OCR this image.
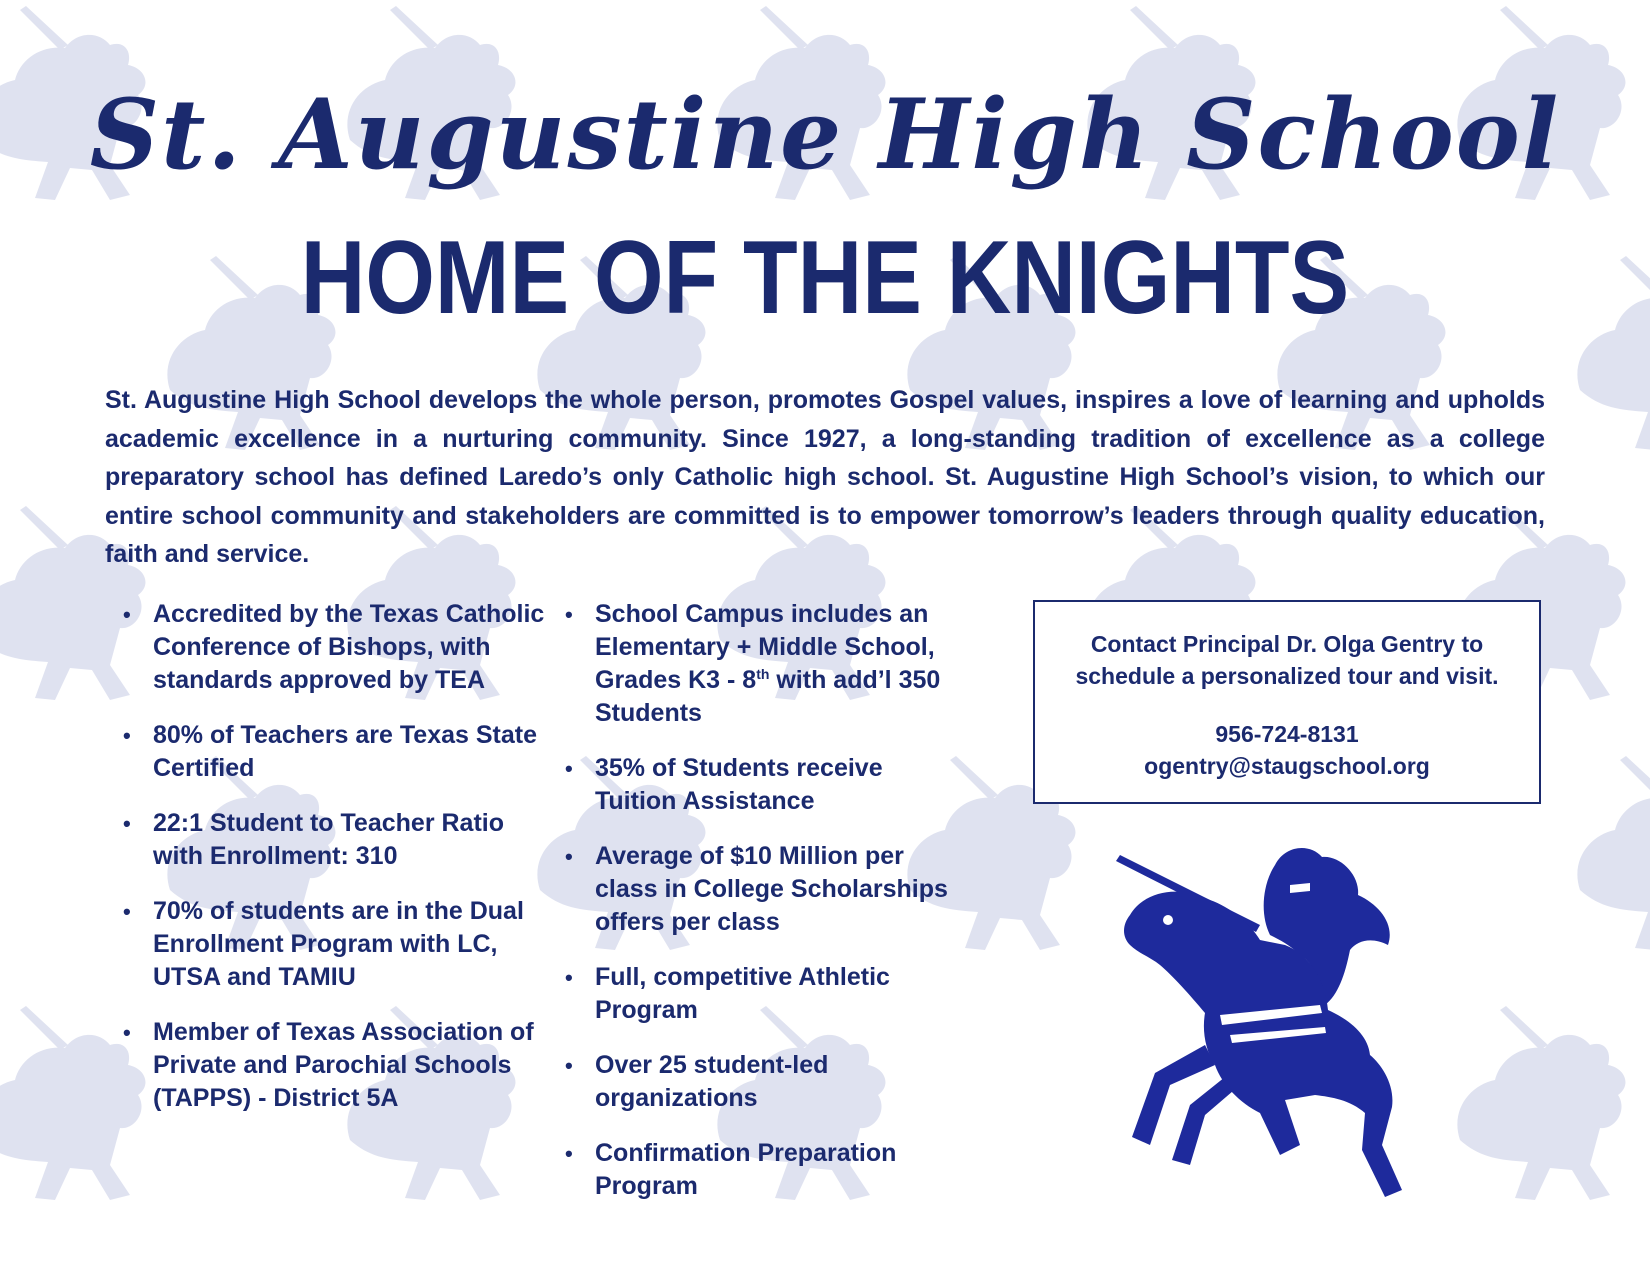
St. Augustine High School
HOME OF THE KNIGHTS

St. Augustine High School develops the whole person, promotes Gospel values, inspires a love of learning and upholds academic excellence in a nurturing community. Since 1927, a long-standing tradition of excellence as a college preparatory school has defined Laredo’s only Catholic high school. St. Augustine High School’s vision, to which our entire school community and stakeholders are committed is to empower tomorrow’s leaders through quality education, faith and service.

• Accredited by the Texas Catholic Conference of Bishops, with standards approved by TEA
• 80% of Teachers are Texas State Certified
• 22:1 Student to Teacher Ratio with Enrollment: 310
• 70% of students are in the Dual Enrollment Program with LC, UTSA and TAMIU
• Member of Texas Association of Private and Parochial Schools (TAPPS) - District 5A
• School Campus includes an Elementary + Middle School, Grades K3 - 8th with add’l 350 Students
• 35% of Students receive Tuition Assistance
• Average of $10 Million per class in College Scholarships offers per class
• Full, competitive Athletic Program
• Over 25 student-led organizations
• Confirmation Preparation Program
Contact Principal Dr. Olga Gentry to schedule a personalized tour and visit.
956-724-8131
ogentry@staugschool.org
